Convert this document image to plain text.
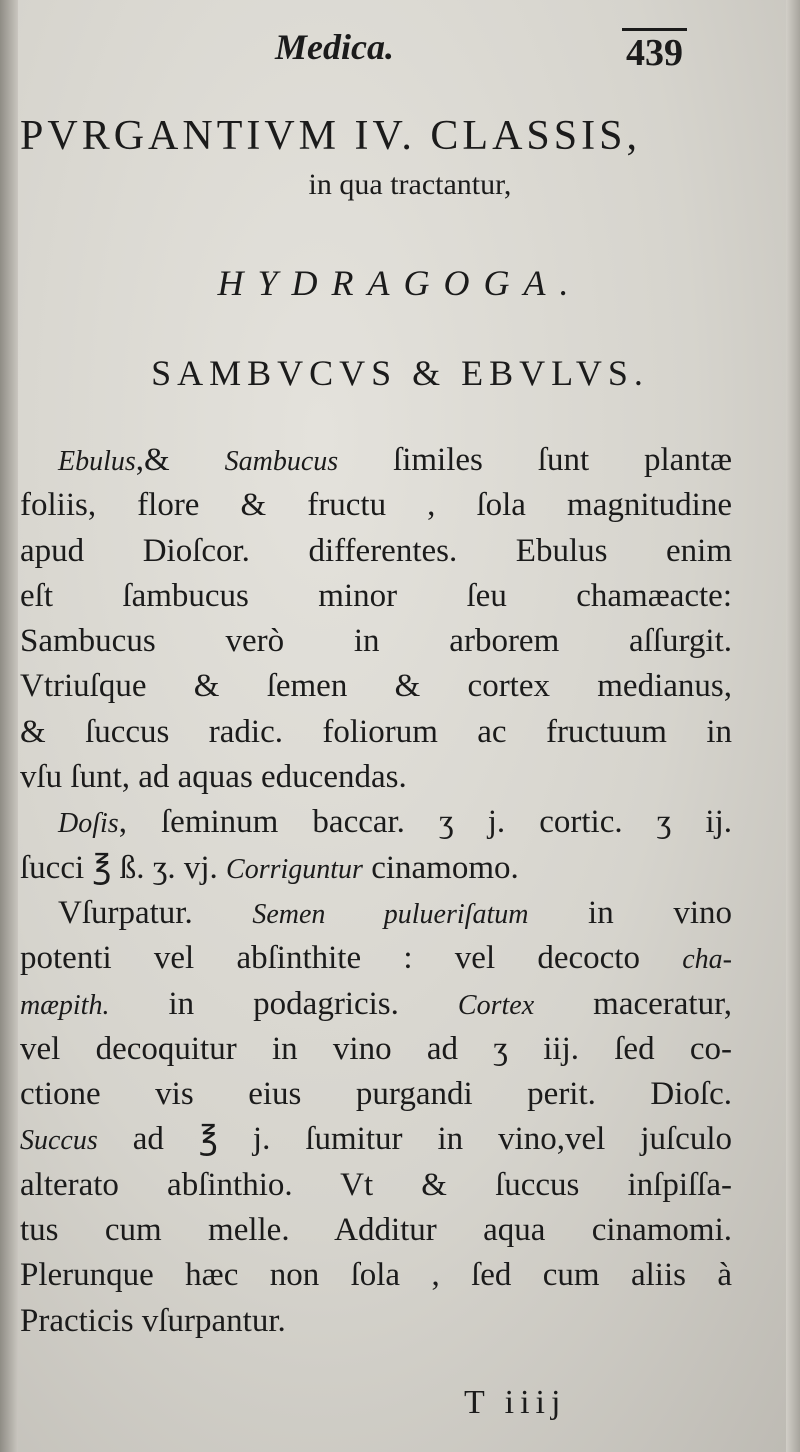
Medica.	439
PVRGANTIVM IV. CLASSIS,
in qua tractantur,
HYDRAGOGA.
SAMBVCVS & EBVLVS.
Ebulus,& Sambucus ſimiles ſunt plantæ
foliis, flore & fructu , ſola magnitudine
apud Dioſcor. differentes. Ebulus enim
eſt ſambucus minor ſeu chamæacte:
Sambucus verò in arborem aſſurgit.
Vtriuſque & ſemen & cortex medianus,
& ſuccus radic. foliorum ac fructuum in
vſu ſunt, ad aquas educendas.
Doſis, ſeminum baccar. ʒ j. cortic. ʒ ij.
ſucci ℥ ß. ʒ. vj. Corriguntur cinamomo.
Vſurpatur. Semen pulueriſatum in vino
potenti vel abſinthite : vel decocto cha-
mæpith. in podagricis. Cortex maceratur,
vel decoquitur in vino ad ʒ iij. ſed co-
ctione vis eius purgandi perit. Dioſc.
Succus ad ℥ j. ſumitur in vino,vel juſculo
alterato abſinthio. Vt & ſuccus inſpiſſa-
tus cum melle. Additur aqua cinamomi.
Plerunque hæc non ſola , ſed cum aliis à
Practicis vſurpantur.
T iiij
